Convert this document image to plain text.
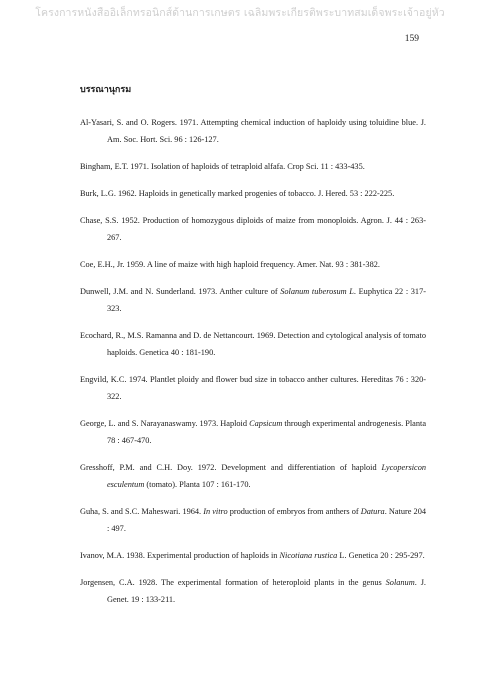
โครงการหนังสืออิเล็กทรอนิกส์ด้านการเกษตร เฉลิมพระเกียรติพระบาทสมเด็จพระเจ้าอยู่หัว
159
บรรณานุกรม
Al-Yasari, S. and O. Rogers. 1971. Attempting chemical induction of haploidy using toluidine blue. J. Am. Soc. Hort. Sci. 96 : 126-127.
Bingham, E.T. 1971. Isolation of haploids of tetraploid alfafa. Crop Sci. 11 : 433-435.
Burk, L.G. 1962. Haploids in genetically marked progenies of tobacco. J. Hered. 53 : 222-225.
Chase, S.S. 1952. Production of homozygous diploids of maize from monoploids. Agron. J. 44 : 263-267.
Coe, E.H., Jr. 1959. A line of maize with high haploid frequency. Amer. Nat. 93 : 381-382.
Dunwell, J.M. and N. Sunderland. 1973. Anther culture of Solanum tuberosum L. Euphytica 22 : 317-323.
Ecochard, R., M.S. Ramanna and D. de Nettancourt. 1969. Detection and cytological analysis of tomato haploids. Genetica 40 : 181-190.
Engvild, K.C. 1974. Plantlet ploidy and flower bud size in tobacco anther cultures. Hereditas 76 : 320-322.
George, L. and S. Narayanaswamy. 1973. Haploid Capsicum through experimental androgenesis. Planta 78 : 467-470.
Gresshoff, P.M. and C.H. Doy. 1972. Development and differentiation of haploid Lycopersicon esculentum (tomato). Planta 107 : 161-170.
Guha, S. and S.C. Maheswari. 1964. In vitro production of embryos from anthers of Datura. Nature 204 : 497.
Ivanov, M.A. 1938. Experimental production of haploids in Nicotiana rustica L. Genetica 20 : 295-297.
Jorgensen, C.A. 1928. The experimental formation of heteroploid plants in the genus Solanum. J. Genet. 19 : 133-211.
